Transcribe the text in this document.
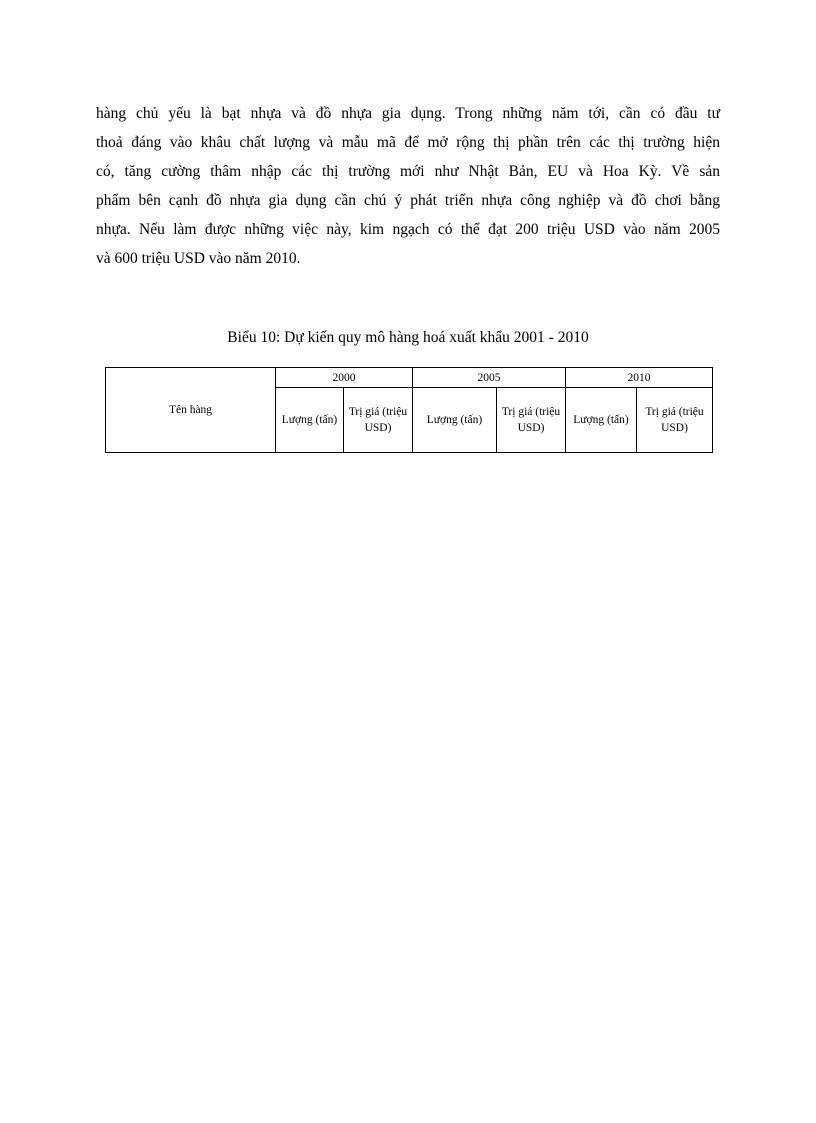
hàng chủ yếu là bạt nhựa và đồ nhựa gia dụng. Trong những năm tới, cần có đầu tư
thoả đáng vào khâu chất lượng và mẫu mã để mở rộng thị phần trên các thị trường hiện
có, tăng cường thâm nhập các thị trường mới như Nhật Bản, EU và Hoa Kỳ. Về sản
phẩm bên cạnh đồ nhựa gia dụng cần chú ý phát triển nhựa công nghiệp và đồ chơi bằng
nhựa. Nếu làm được những việc này, kim ngạch có thể đạt 200 triệu USD vào năm 2005
và 600 triệu USD vào năm 2010.
Biểu 10: Dự kiến quy mô hàng hoá xuất khẩu 2001 - 2010
Tên hàng	2000		2005		2010	
	Lượng (tấn)	Trị giá (triệu USD)	Lượng (tấn)	Trị giá (triệu USD)	Lượng (tấn)	Trị giá (triệu USD)
